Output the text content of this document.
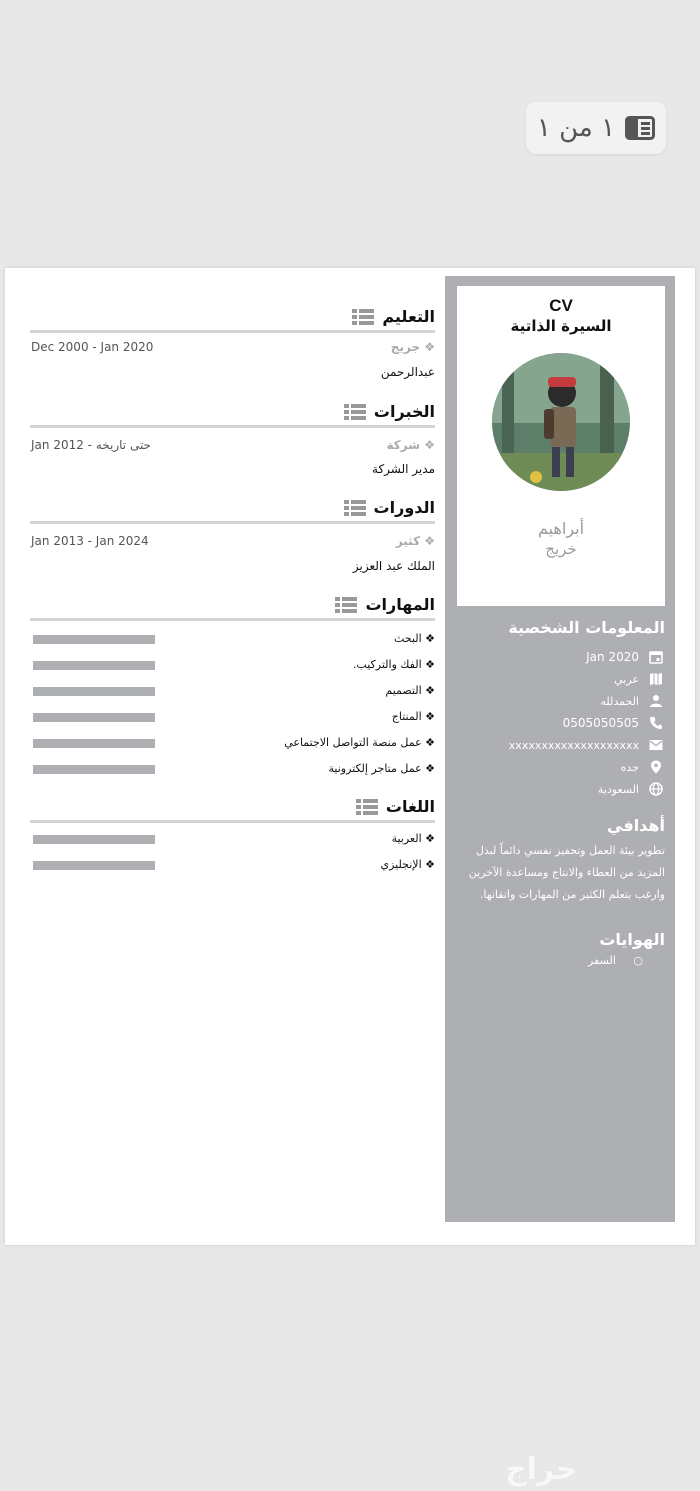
١ من ١
CV
السيرة الذاتية
أبراهيم
خريج
المعلومات الشخصية
Jan 2020
عربي
الحمدلله
0505050505
xxxxxxxxxxxxxxxxxxxx
جده
السعودية
أهدافي
تطوير بيئة العمل وتحفيز نفسي دائماً لبذل المزيد من العطاء والانتاج ومساعدة الآخرين وارغب بتعلم الكثير من المهارات واتقانها.
الهوايات
○ السفر
التعليم
❖ جريج
Dec 2000 - Jan 2020
عبدالرحمن
الخبرات
❖ شركة
Jan 2012 - حتى تاريخه
مدير الشركة
الدورات
❖ كثير
Jan 2013 - Jan 2024
الملك عبد العزيز
المهارات
❖ البحث
❖ الفك والتركيب.
❖ التصميم
❖ المنتاج
❖ عمل منصة التواصل الاجتماعي
❖ عمل متاجر إلكترونية
اللغات
❖ العربية
❖ الإنجليزي
حراج
